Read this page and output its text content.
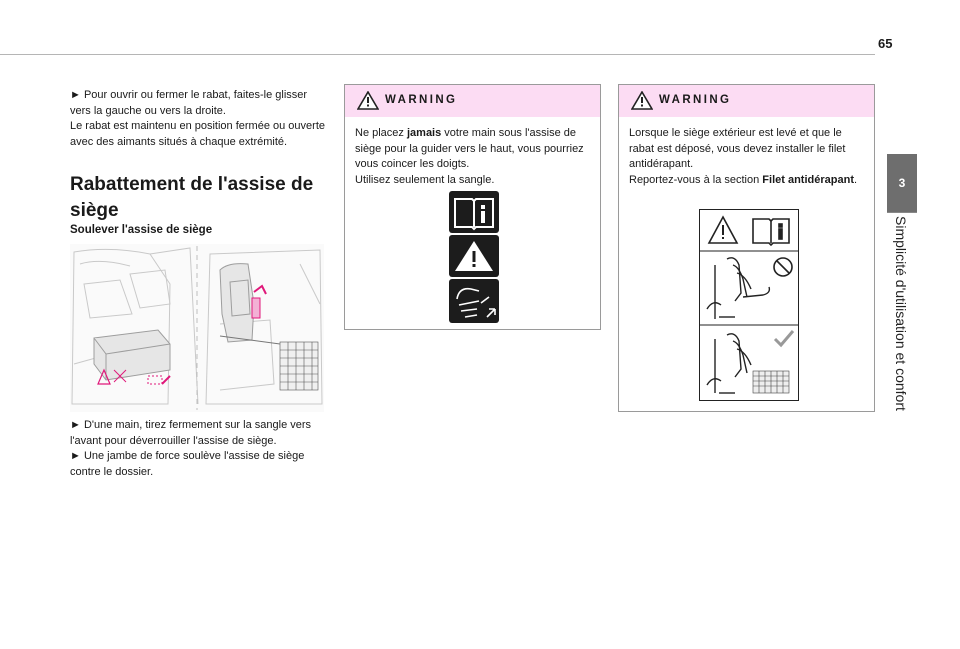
65
3
Simplicité d'utilisation et confort

► Pour ouvrir ou fermer le rabat, faites-le glisser vers la gauche ou vers la droite.

Le rabat est maintenu en position fermée ou ouverte avec des aimants situés à chaque extrémité.

Rabattement de l'assise de siège
Soulever l'assise de siège

► D'une main, tirez fermement sur la sangle vers l'avant pour déverrouiller l'assise de siège.

► Une jambe de force soulève l'assise de siège contre le dossier.

WARNING

Ne placez jamais votre main sous l'assise de siège pour la guider vers le haut, vous pourriez vous coincer les doigts.

Utilisez seulement la sangle.

WARNING

Lorsque le siège extérieur est levé et que le rabat est déposé, vous devez installer le filet antidérapant.

Reportez-vous à la section Filet antidérapant.
